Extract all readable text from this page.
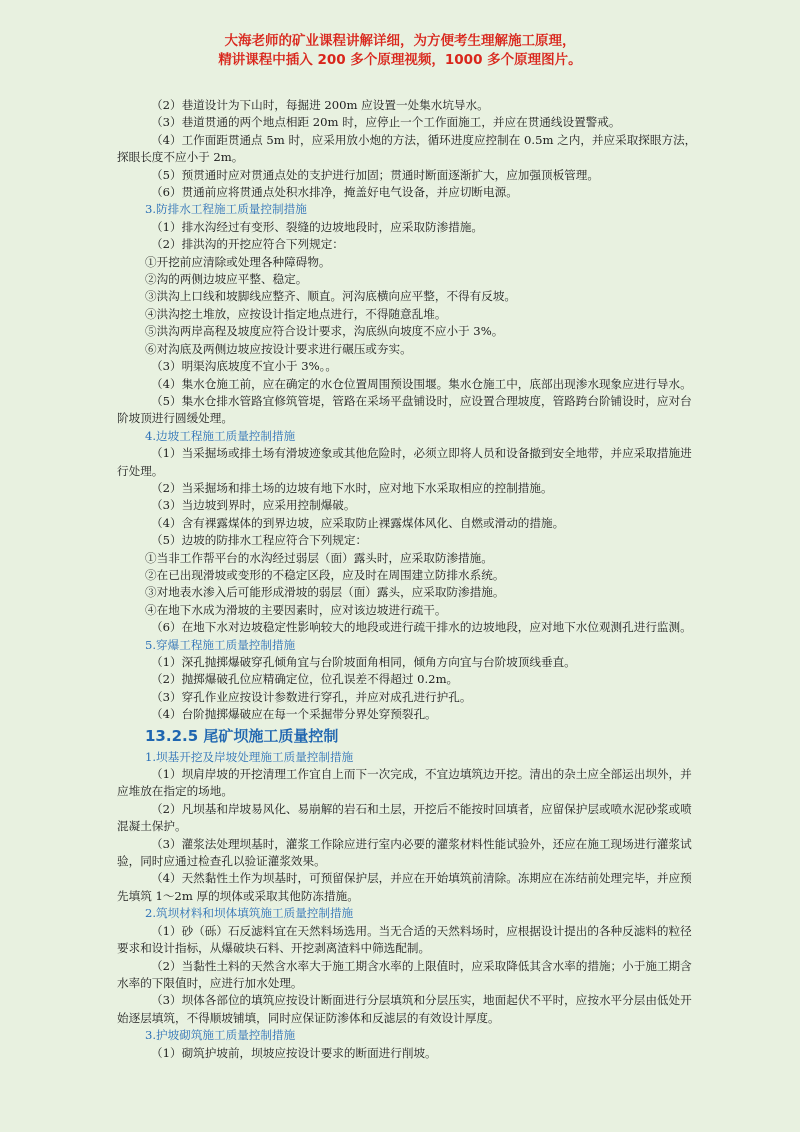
大海老师的矿业课程讲解详细，为方便考生理解施工原理，
精讲课程中插入 200 多个原理视频，1000 多个原理图片。
（2）巷道设计为下山时，每掘进 200m 应设置一处集水坑导水。
（3）巷道贯通的两个地点相距 20m 时，应停止一个工作面施工，并应在贯通线设置警戒。
（4）工作面距贯通点 5m 时，应采用放小炮的方法，循环进度应控制在 0.5m 之内，并应采取探眼方法，探眼长度不应小于 2m。
（5）预贯通时应对贯通点处的支护进行加固；贯通时断面逐渐扩大，应加强顶板管理。
（6）贯通前应将贯通点处积水排净，掩盖好电气设备，并应切断电源。
3.防排水工程施工质量控制措施
（1）排水沟经过有变形、裂缝的边坡地段时，应采取防渗措施。
（2）排洪沟的开挖应符合下列规定：
①开挖前应清除或处理各种障碍物。
②沟的两侧边坡应平整、稳定。
③洪沟上口线和坡脚线应整齐、顺直。河沟底横向应平整，不得有反坡。
④洪沟挖土堆放，应按设计指定地点进行，不得随意乱堆。
⑤洪沟两岸高程及坡度应符合设计要求，沟底纵向坡度不应小于 3%。
⑥对沟底及两侧边坡应按设计要求进行碾压或夯实。
（3）明渠沟底坡度不宜小于 3%。。
（4）集水仓施工前，应在确定的水仓位置周围预设围堰。集水仓施工中，底部出现渗水现象应进行导水。
（5）集水仓排水管路宜修筑管堤，管路在采场平盘铺设时，应设置合理坡度，管路跨台阶铺设时，应对台阶坡顶进行圆缓处理。
4.边坡工程施工质量控制措施
（1）当采掘场或排土场有滑坡迹象或其他危险时，必须立即将人员和设备撤到安全地带，并应采取措施进行处理。
（2）当采掘场和排土场的边坡有地下水时，应对地下水采取相应的控制措施。
（3）当边坡到界时，应采用控制爆破。
（4）含有裸露煤体的到界边坡，应采取防止裸露煤体风化、自燃或滑动的措施。
（5）边坡的防排水工程应符合下列规定：
①当非工作帮平台的水沟经过弱层（面）露头时，应采取防渗措施。
②在已出现滑坡或变形的不稳定区段，应及时在周围建立防排水系统。
③对地表水渗入后可能形成滑坡的弱层（面）露头，应采取防渗措施。
④在地下水成为滑坡的主要因素时，应对该边坡进行疏干。
（6）在地下水对边坡稳定性影响较大的地段或进行疏干排水的边坡地段，应对地下水位观测孔进行监测。
5.穿爆工程施工质量控制措施
（1）深孔抛掷爆破穿孔倾角宜与台阶坡面角相同，倾角方向宜与台阶坡顶线垂直。
（2）抛掷爆破孔位应精确定位，位孔误差不得超过 0.2m。
（3）穿孔作业应按设计参数进行穿孔，并应对成孔进行护孔。
（4）台阶抛掷爆破应在每一个采掘带分界处穿预裂孔。
13.2.5 尾矿坝施工质量控制
1.坝基开挖及岸坡处理施工质量控制措施
（1）坝肩岸坡的开挖清理工作宜自上而下一次完成，不宜边填筑边开挖。清出的杂土应全部运出坝外，并应堆放在指定的场地。
（2）凡坝基和岸坡易风化、易崩解的岩石和土层，开挖后不能按时回填者，应留保护层或喷水泥砂浆或喷混凝土保护。
（3）灌浆法处理坝基时，灌浆工作除应进行室内必要的灌浆材料性能试验外，还应在施工现场进行灌浆试验，同时应通过检查孔以验证灌浆效果。
（4）天然黏性土作为坝基时，可预留保护层，并应在开始填筑前清除。冻期应在冻结前处理完毕，并应预先填筑 1～2m 厚的坝体或采取其他防冻措施。
2.筑坝材料和坝体填筑施工质量控制措施
（1）砂（砾）石反滤料宜在天然料场选用。当无合适的天然料场时，应根据设计提出的各种反滤料的粒径要求和设计指标，从爆破块石料、开挖剥离渣料中筛选配制。
（2）当黏性土料的天然含水率大于施工期含水率的上限值时，应采取降低其含水率的措施；小于施工期含水率的下限值时，应进行加水处理。
（3）坝体各部位的填筑应按设计断面进行分层填筑和分层压实，地面起伏不平时，应按水平分层由低处开始逐层填筑，不得顺坡铺填，同时应保证防渗体和反滤层的有效设计厚度。
3.护坡砌筑施工质量控制措施
（1）砌筑护坡前，坝坡应按设计要求的断面进行削坡。
